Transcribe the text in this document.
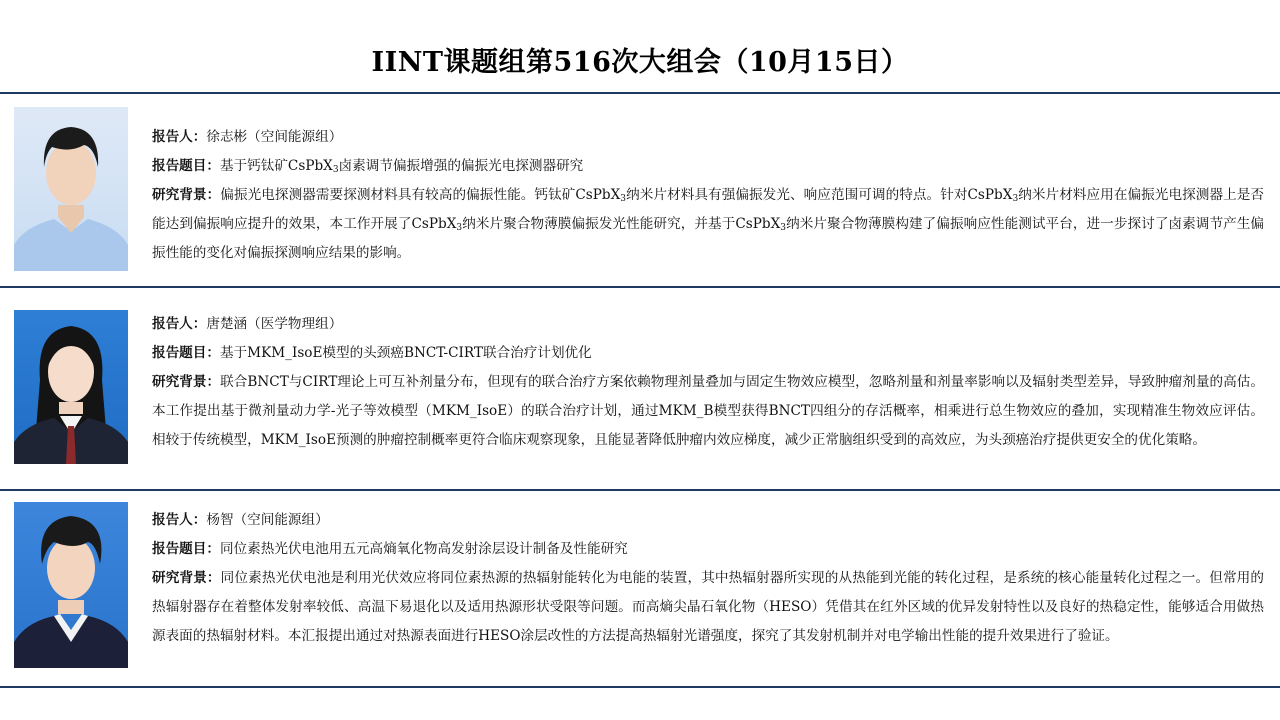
IINT课题组第516次大组会（10月15日）
报告人：徐志彬（空间能源组）
报告题目：基于钙钛矿CsPbX$_3$卤素调节偏振增强的偏振光电探测器研究
研究背景：偏振光电探测器需要探测材料具有较高的偏振性能。钙钛矿CsPbX$_3$纳米片材料具有强偏振发光、响应范围可调的特点。针对CsPbX$_3$纳米片材料应用在偏振光电探测器上是否能达到偏振响应提升的效果，本工作开展了CsPbX$_3$纳米片聚合物薄膜偏振发光性能研究，并基于CsPbX$_3$纳米片聚合物薄膜构建了偏振响应性能测试平台，进一步探讨了卤素调节产生偏振性能的变化对偏振探测响应结果的影响。
报告人：唐楚涵（医学物理组）
报告题目：基于MKM_IsoE模型的头颈癌BNCT-CIRT联合治疗计划优化
研究背景：联合BNCT与CIRT理论上可互补剂量分布，但现有的联合治疗方案依赖物理剂量叠加与固定生物效应模型，忽略剂量和剂量率影响以及辐射类型差异，导致肿瘤剂量的高估。本工作提出基于微剂量动力学-光子等效模型（MKM_IsoE）的联合治疗计划，通过MKM_B模型获得BNCT四组分的存活概率，相乘进行总生物效应的叠加，实现精准生物效应评估。相较于传统模型，MKM_IsoE预测的肿瘤控制概率更符合临床观察现象，且能显著降低肿瘤内效应梯度，减少正常脑组织受到的高效应，为头颈癌治疗提供更安全的优化策略。
报告人：杨智（空间能源组）
报告题目：同位素热光伏电池用五元高熵氧化物高发射涂层设计制备及性能研究
研究背景：同位素热光伏电池是利用光伏效应将同位素热源的热辐射能转化为电能的装置，其中热辐射器所实现的从热能到光能的转化过程，是系统的核心能量转化过程之一。但常用的热辐射器存在着整体发射率较低、高温下易退化以及适用热源形状受限等问题。而高熵尖晶石氧化物（HESO）凭借其在红外区域的优异发射特性以及良好的热稳定性，能够适合用做热源表面的热辐射材料。本汇报提出通过对热源表面进行HESO涂层改性的方法提高热辐射光谱强度，探究了其发射机制并对电学输出性能的提升效果进行了验证。
